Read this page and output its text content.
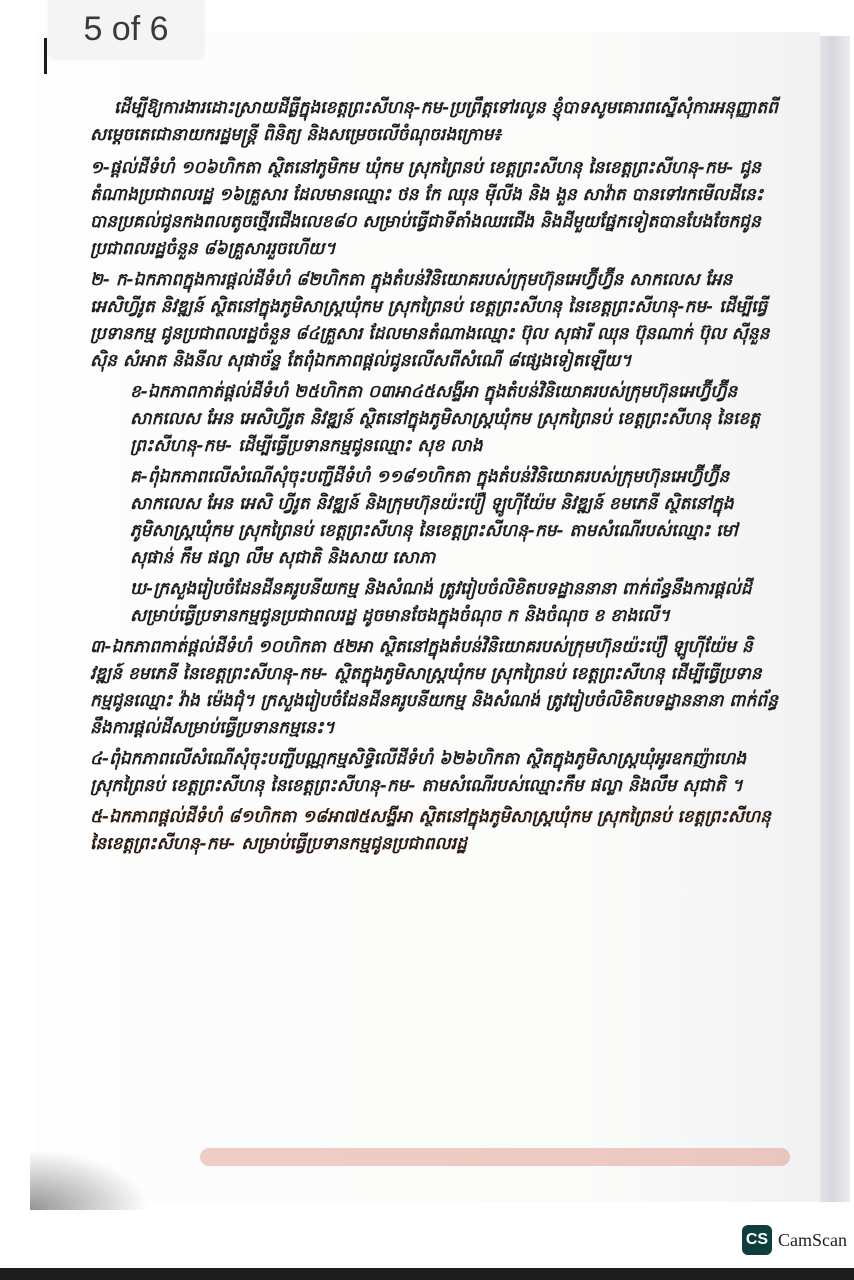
5 of 6

ដើម្បីឱ្យការងារដោះស្រាយដីធ្លីក្នុងខេត្តព្រះសីហនុ-កម-ប្រព្រឹត្តទៅរលូន ខ្ញុំបាទសូមគោរពស្នើសុំការអនុញ្ញាតពី សម្តេចតេជោនាយករដ្ឋមន្ត្រី ពិនិត្យ និងសម្រេចលើចំណុចរងក្រោម៖

១-ផ្តល់ដីទំហំ ១០៦ហិកតា ស្ថិតនៅភូមិកម ឃុំកម ស្រុកព្រៃនប់ ខេត្តព្រះសីហនុ នៃខេត្តព្រះសីហនុ-កម- ជូនតំណាងប្រជាពលរដ្ឋ ១៦គ្រួសារ ដែលមានឈ្មោះ ថន កែ ឈុន ម៉ីលីង និង ងួន សាវ៉ាត បានទៅរកមើលដីនេះបានប្រគល់ជូនកងពលតូចថ្មើរជើងលេខ៨០ សម្រាប់ធ្វើជាទីតាំងឈរជើង និងដីមួយផ្នែកទៀតបានបែងចែកជូនប្រជាពលរដ្ឋចំនួន ៨៦គ្រួសាររួចហើយ។

២- ក-ឯកភាពក្នុងការផ្តល់ដីទំហំ ៨២ហិកតា ក្នុងតំបន់វិនិយោគរបស់ក្រុមហ៊ុនអេហ្វ៊ីហ្វ៊ីន សាកលេស អែន អេសិហ្វីរូត និវឌ្ឍន៍ ស្ថិតនៅក្នុងភូមិសាស្ត្រឃុំកម ស្រុកព្រៃនប់ ខេត្តព្រះសីហនុ នៃខេត្តព្រះសីហនុ-កម- ដើម្បីធ្វើប្រទានកម្ម ជូនប្រជាពលរដ្ឋចំនួន ៨៤គ្រួសារ ដែលមានតំណាងឈ្មោះ ប៊ុល សុផារី ឈុន ប៊ុនណាក់ ប៊ុល ស៊ីនួន ស៊ិន សំអាត និងនីល សុផាច័ន្ទ តែពុំឯកភាពផ្តល់ជូនលើសពីសំណើ ៨ផ្សេងទៀតឡើយ។

ខ-ឯកភាពកាត់ផ្តល់ដីទំហំ ២៥ហិកតា ០៣អា៤៥សង្ទីអា ក្នុងតំបន់វិនិយោគរបស់ក្រុមហ៊ុនអេហ្វ៊ីហ្វ៊ីន សាកលេស អែន អេសិហ្វីរូត និវឌ្ឍន៍ ស្ថិតនៅក្នុងភូមិសាស្ត្រឃុំកម ស្រុកព្រៃនប់ ខេត្តព្រះសីហនុ នៃខេត្តព្រះសីហនុ-កម- ដើម្បីធ្វើប្រទានកម្មជូនឈ្មោះ សុខ លាង

គ-ពុំឯកភាពលើសំណើសុំចុះបញ្ជីដីទំហំ ១១៨១ហិកតា ក្នុងតំបន់វិនិយោគរបស់ក្រុមហ៊ុនអេហ្វ៊ីហ្វ៊ីន សាកលេស អែន អេសិ ហ្វីរូត និវឌ្ឍន៍ និងក្រុមហ៊ុនយ៉ះប៉ឿ ឡូហ៊ីយ៉ែម និវឌ្ឍន៍ ខមភេនី ស្ថិតនៅក្នុងភូមិសាស្ត្រឃុំកម ស្រុកព្រៃនប់ ខេត្តព្រះសីហនុ នៃខេត្តព្រះសីហនុ-កម- តាមសំណើរបស់ឈ្មោះ មៅ សុផាន់ កឹម ផល្លា លឹម សុជាតិ និងសាយ សោភា

ឃ-ក្រសួងរៀបចំដែនដីនគរូបនីយកម្ម និងសំណង់ ត្រូវរៀបចំលិខិតបទដ្ឋាននានា ពាក់ព័ន្ធនឹងការផ្តល់ដី សម្រាប់ធ្វើប្រទានកម្មជូនប្រជាពលរដ្ឋ ដូចមានចែងក្នុងចំណុច ក និងចំណុច ខ ខាងលើ។

៣-ឯកភាពកាត់ផ្តល់ដីទំហំ ១០ហិកតា ៥២អា ស្ថិតនៅក្នុងតំបន់វិនិយោគរបស់ក្រុមហ៊ុនយ៉ះប៉ឿ ឡូហ៊ីយ៉ែម និវឌ្ឍន៍ ខមភេនី នៃខេត្តព្រះសីហនុ-កម- ស្ថិតក្នុងភូមិសាស្ត្រឃុំកម ស្រុកព្រៃនប់ ខេត្តព្រះសីហនុ ដើម្បីធ្វើប្រទានកម្មជូនឈ្មោះ វ៉ាង ម៉េងជុំ។ ក្រសួងរៀបចំដែនដីនគរូបនីយកម្ម និងសំណង់ ត្រូវរៀបចំលិខិតបទដ្ឋាននានា ពាក់ព័ន្ធនឹងការផ្តល់ដីសម្រាប់ធ្វើប្រទានកម្មនេះ។

៤-ពុំឯកភាពលើសំណើសុំចុះបញ្ជីបណ្ណកម្មសិទ្ធិលើដីទំហំ ៦២៦ហិកតា ស្ថិតក្នុងភូមិសាស្ត្រឃុំអូរឧកញ៉ាហេង ស្រុកព្រៃនប់ ខេត្តព្រះសីហនុ នៃខេត្តព្រះសីហនុ-កម- តាមសំណើរបស់ឈ្មោះកឹម ផល្លា និងលឹម សុជាតិ ។

៥-ឯកភាពផ្តល់ដីទំហំ ៨១ហិកតា ១៨អា៧៥សង្ទីអា ស្ថិតនៅក្នុងភូមិសាស្ត្រឃុំកម ស្រុកព្រៃនប់ ខេត្តព្រះសីហនុ នៃខេត្តព្រះសីហនុ-កម- សម្រាប់ធ្វើប្រទានកម្មជូនប្រជាពលរដ្ឋ

CS CamScan
